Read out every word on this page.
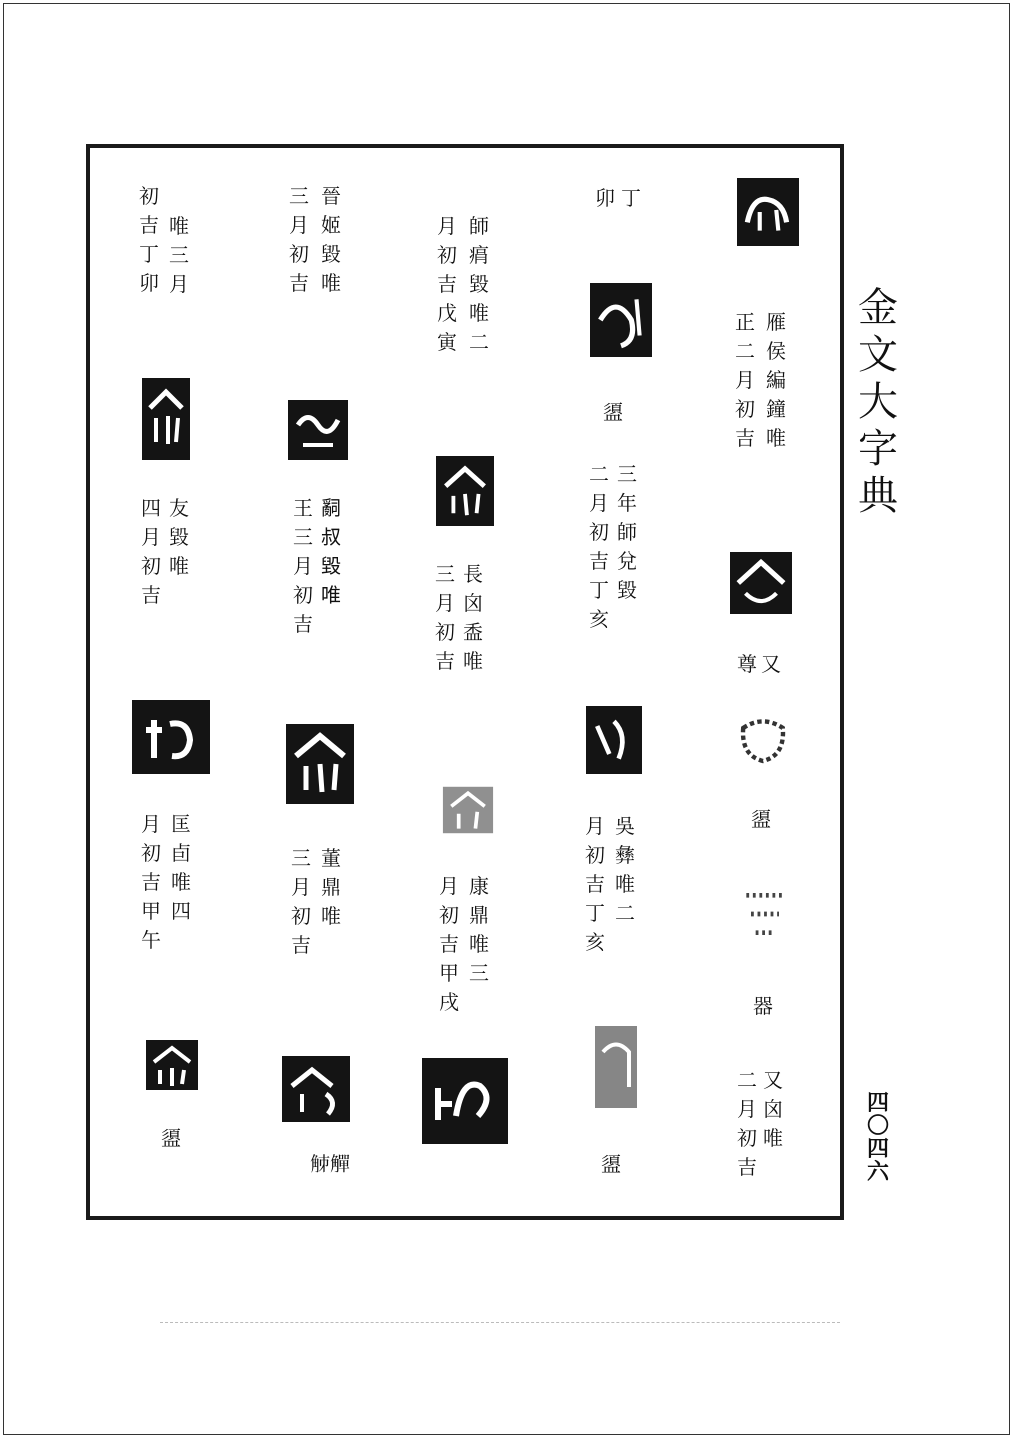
金文大字典
四〇四六
雁侯編鐘 唯
正二月初吉
又
尊
盨
器
又囟 唯
二月初吉
丁
卯
盨
三年師兌毀
二月初吉丁亥
吳彝 唯二
月初吉丁亥
盨
師㾓毀 唯二
月初吉戊寅
長囟盉 唯
三月初吉
康鼎 唯三
月初吉甲戌
晉姬毀 唯
三月初吉
𤔲叔毀 唯
王三月初吉
董鼎 唯
三月初吉
𧣘觶
唯三月
初吉丁卯
友毀 唯
四月初吉
匡卣 唯四
月初吉甲午
盨
